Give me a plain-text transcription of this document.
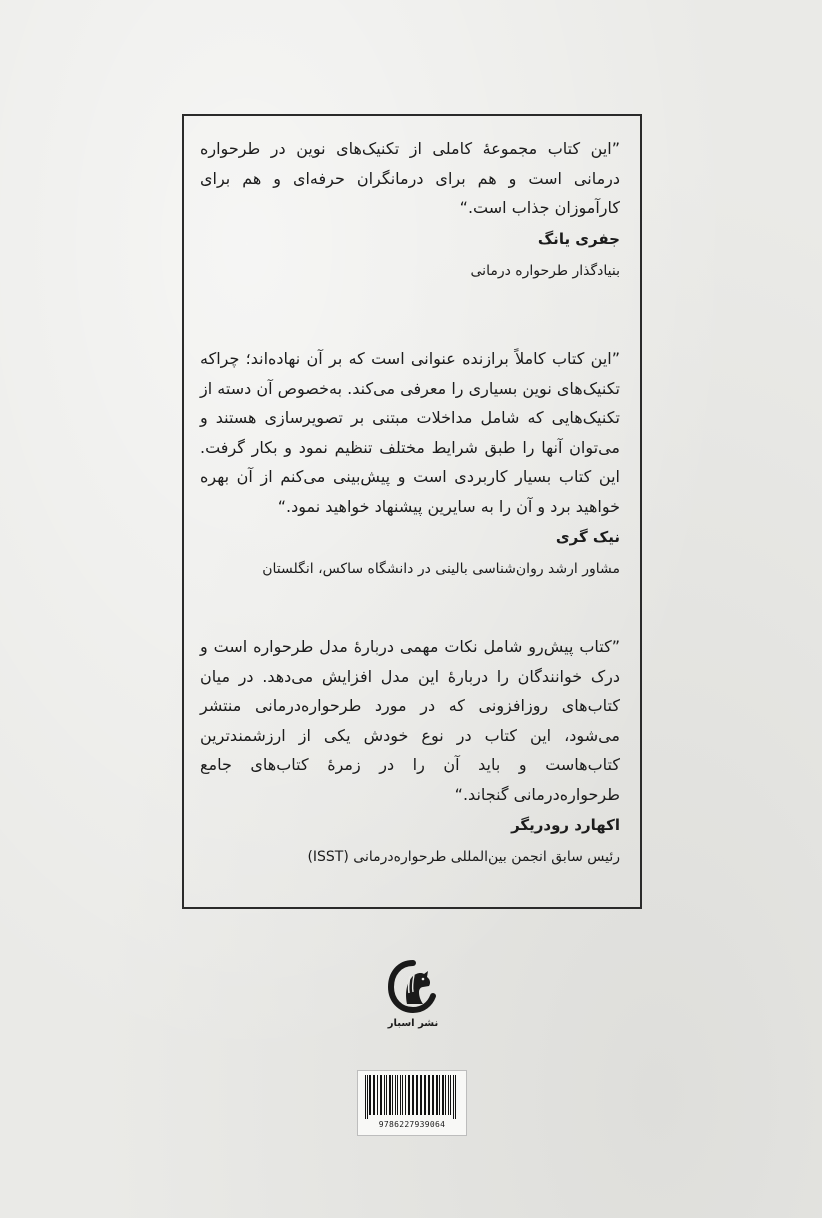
”این کتاب مجموعهٔ کاملی از تکنیک‌های نوین در طرحواره درمانی است و هم برای درمانگران حرفه‌ای و هم برای کارآموزان جذاب است.“

جفری یانگ
بنیادگذار طرحواره درمانی

”این کتاب کاملاً برازنده عنوانی است که بر آن نهاده‌اند؛ چراکه تکنیک‌های نوین بسیاری را معرفی می‌کند. به‌خصوص آن دسته از تکنیک‌هایی که شامل مداخلات مبتنی بر تصویرسازی هستند و می‌توان آنها را طبق شرایط مختلف تنظیم نمود و بکار گرفت. این کتاب بسیار کاربردی است و پیش‌بینی می‌کنم از آن بهره خواهید برد و آن را به سایرین پیشنهاد خواهید نمود.“

نیک گری
مشاور ارشد روان‌شناسی بالینی در دانشگاه ساکس، انگلستان

”کتاب پیش‌رو شامل نکات مهمی دربارهٔ مدل طرحواره است و درک خوانندگان را دربارهٔ این مدل افزایش می‌دهد. در میان کتاب‌های روزافزونی که در مورد طرحواره‌درمانی منتشر می‌شود، این کتاب در نوع خودش یکی از ارزشمندترین کتاب‌هاست و باید آن را در زمرهٔ کتاب‌های جامع طرحواره‌درمانی گنجاند.“

اکهارد رودریگر
رئیس سابق انجمن بین‌المللی طرحواره‌درمانی (ISST)
نشر اسبار
9786227939064
